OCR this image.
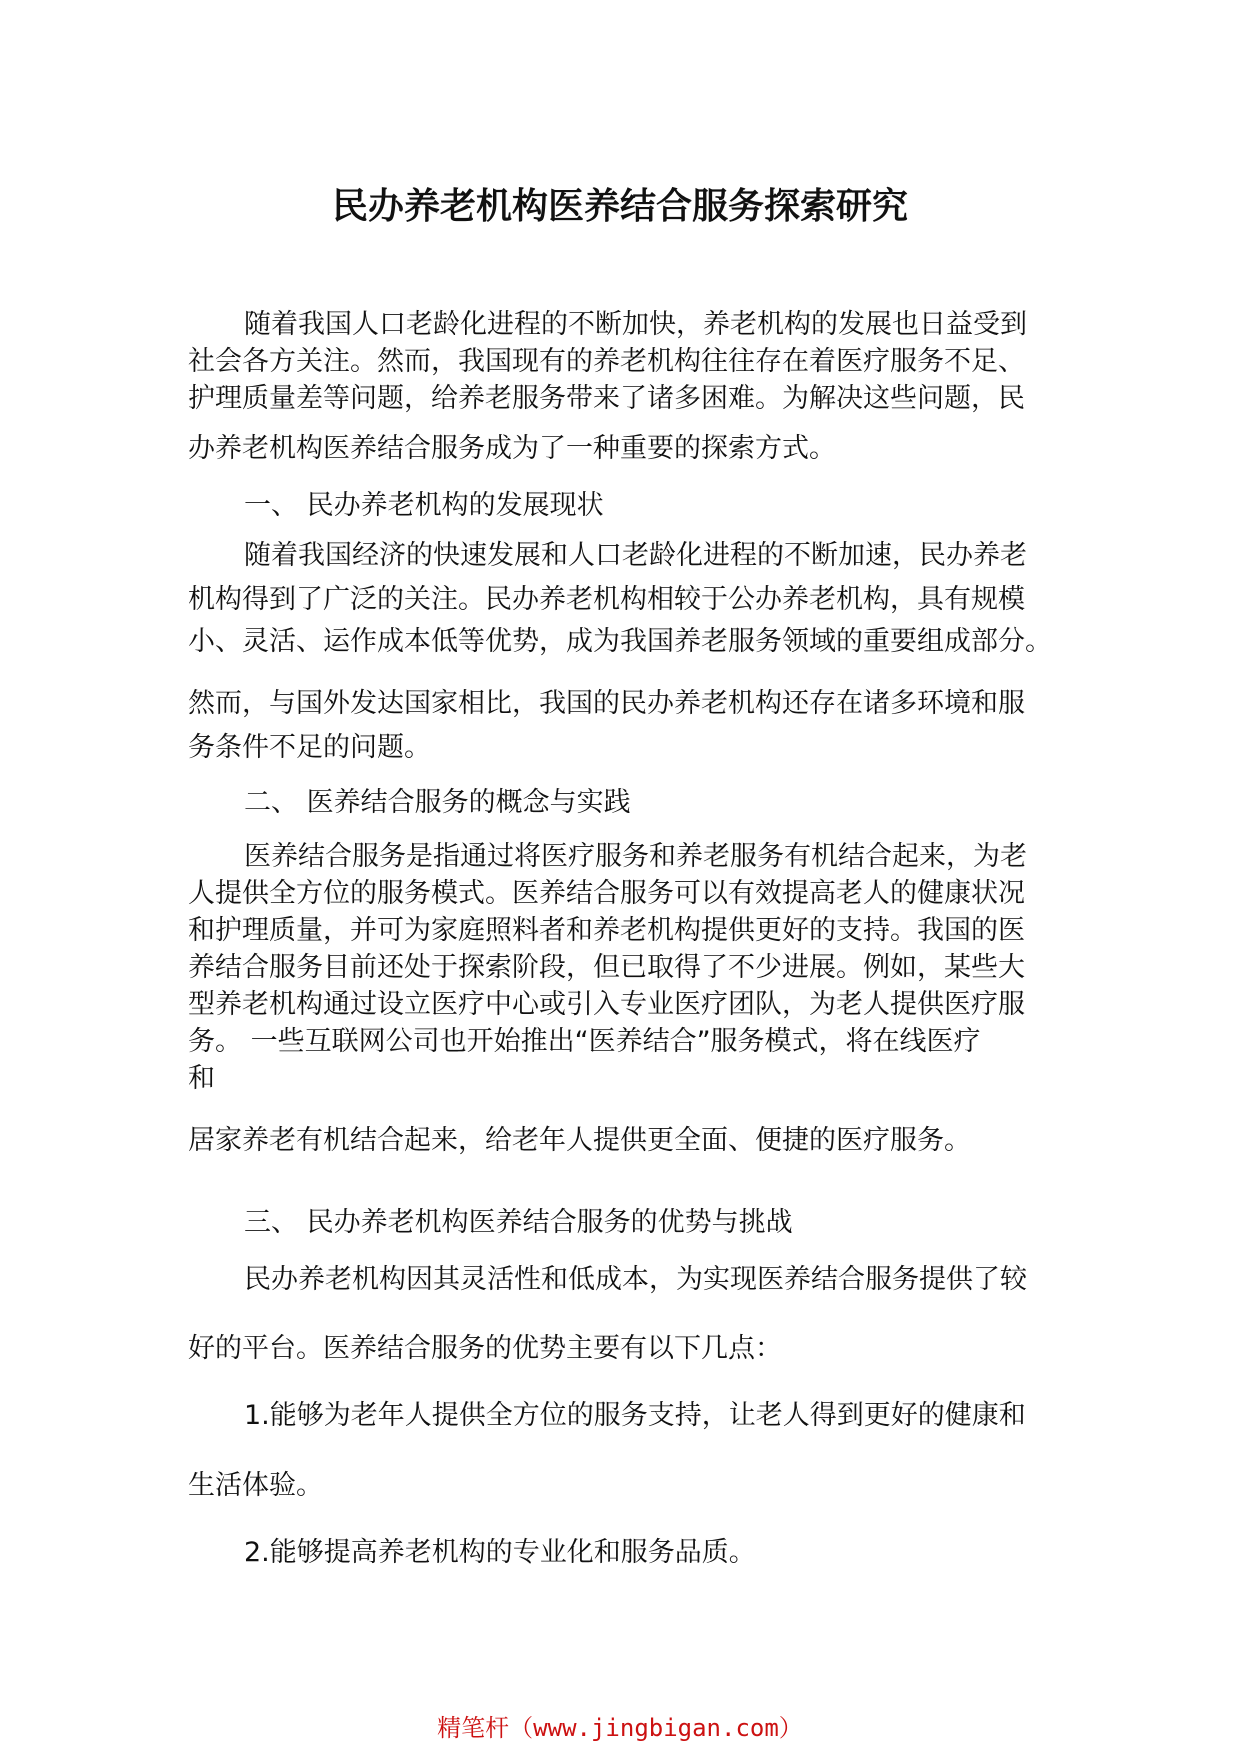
民办养老机构医养结合服务探索研究
随着我国人口老龄化进程的不断加快，养老机构的发展也日益受到
社会各方关注。然而，我国现有的养老机构往往存在着医疗服务不足、
护理质量差等问题，给养老服务带来了诸多困难。为解决这些问题，民
办养老机构医养结合服务成为了一种重要的探索方式。
一、 民办养老机构的发展现状
随着我国经济的快速发展和人口老龄化进程的不断加速，民办养老
机构得到了广泛的关注。民办养老机构相较于公办养老机构，具有规模
小、灵活、运作成本低等优势，成为我国养老服务领域的重要组成部分。
然而，与国外发达国家相比，我国的民办养老机构还存在诸多环境和服
务条件不足的问题。
二、 医养结合服务的概念与实践
医养结合服务是指通过将医疗服务和养老服务有机结合起来，为老
人提供全方位的服务模式。医养结合服务可以有效提高老人的健康状况
和护理质量，并可为家庭照料者和养老机构提供更好的支持。我国的医
养结合服务目前还处于探索阶段，但已取得了不少进展。例如，某些大
型养老机构通过设立医疗中心或引入专业医疗团队，为老人提供医疗服
务。 一些互联网公司也开始推出“医养结合”服务模式，将在线医疗
和
居家养老有机结合起来，给老年人提供更全面、便捷的医疗服务。
三、 民办养老机构医养结合服务的优势与挑战
民办养老机构因其灵活性和低成本，为实现医养结合服务提供了较
好的平台。医养结合服务的优势主要有以下几点：
1.能够为老年人提供全方位的服务支持，让老人得到更好的健康和
生活体验。
2.能够提高养老机构的专业化和服务品质。
精笔杆（www.jingbigan.com）
